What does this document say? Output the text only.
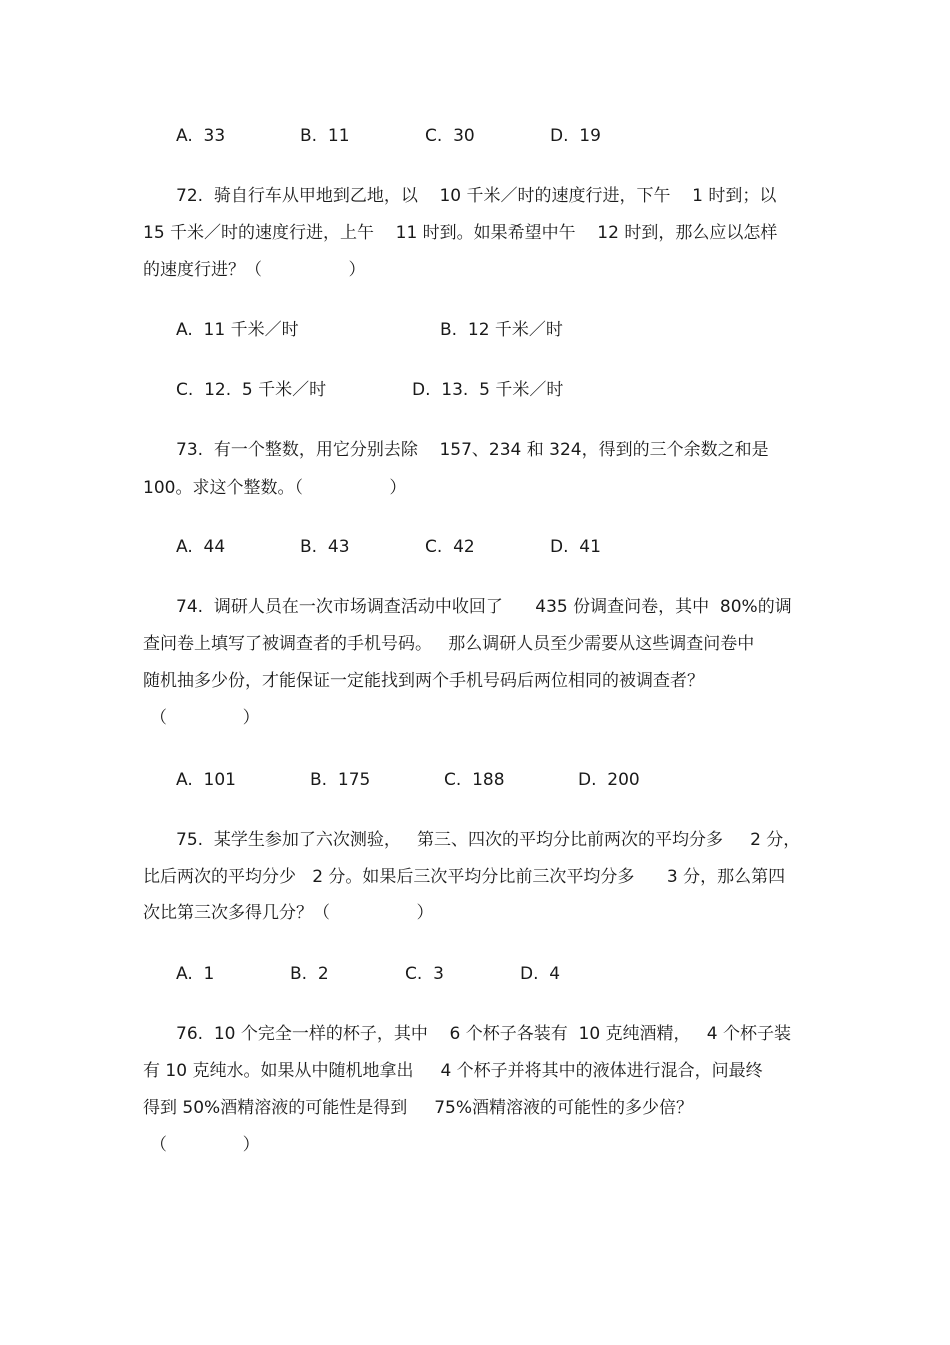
A.  33	B.  11	C.  30	D.  19
72.  骑自行车从甲地到乙地，以    10 千米／时的速度行进，下午    1 时到；以
15 千米／时的速度行进，上午    11 时到。如果希望中午    12 时到，那么应以怎样
的速度行进？（                ）
A.  11 千米／时	B.  12 千米／时
C.  12.  5 千米／时	D.  13.  5 千米／时
73.  有一个整数，用它分别去除    157、234 和 324，得到的三个余数之和是
100。求这个整数。（                ）
A.  44	B.  43	C.  42	D.  41
74.  调研人员在一次市场调查活动中收回了      435 份调查问卷，其中  80%的调
查问卷上填写了被调查者的手机号码。   那么调研人员至少需要从这些调查问卷中
随机抽多少份，才能保证一定能找到两个手机号码后两位相同的被调查者？
（              ）
A.  101	B.  175	C.  188	D.  200
75.  某学生参加了六次测验，   第三、四次的平均分比前两次的平均分多     2 分，
比后两次的平均分少   2 分。如果后三次平均分比前三次平均分多      3 分，那么第四
次比第三次多得几分？（                ）
A.  1	B.  2	C.  3	D.  4
76.  10 个完全一样的杯子，其中    6 个杯子各装有  10 克纯酒精，   4 个杯子装
有 10 克纯水。如果从中随机地拿出     4 个杯子并将其中的液体进行混合，问最终
得到 50%酒精溶液的可能性是得到     75%酒精溶液的可能性的多少倍？
（              ）
